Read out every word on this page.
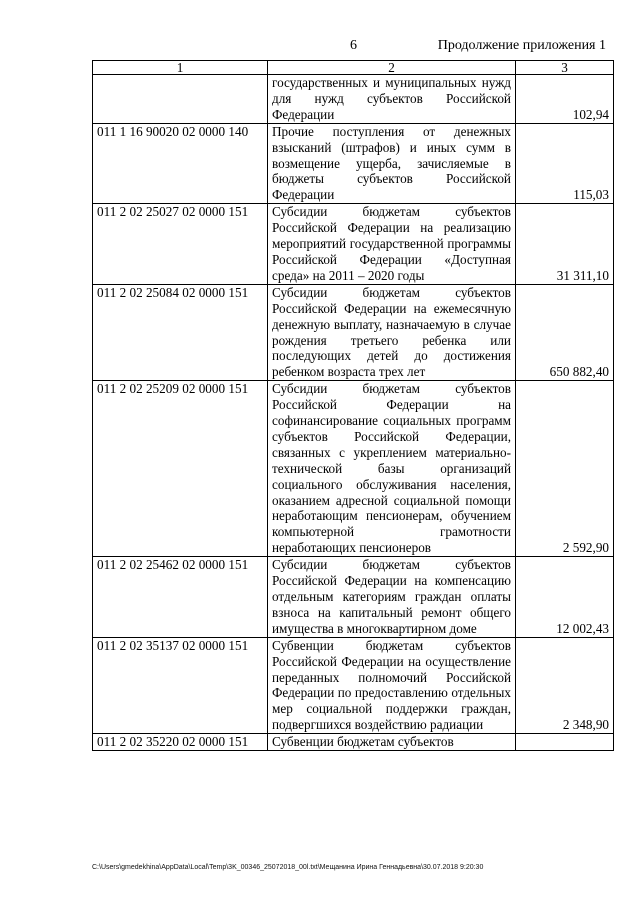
6	Продолжение приложения 1
1	2	3
	государственных и муниципальных нужд для нужд субъектов Российской Федерации	102,94
011 1 16 90020 02 0000 140	Прочие поступления от денежных взысканий (штрафов) и иных сумм в возмещение ущерба, зачисляемые в бюджеты субъектов Российской Федерации	115,03
011 2 02 25027 02 0000 151	Субсидии бюджетам субъектов Российской Федерации на реализацию мероприятий государственной программы Российской Федерации «Доступная среда» на 2011 – 2020 годы	31 311,10
011 2 02 25084 02 0000 151	Субсидии бюджетам субъектов Российской Федерации на ежемесячную денежную выплату, назначаемую в случае рождения третьего ребенка или последующих детей до достижения ребенком возраста трех лет	650 882,40
011 2 02 25209 02 0000 151	Субсидии бюджетам субъектов Российской Федерации на софинансирование социальных программ субъектов Российской Федерации, связанных с укреплением материально-технической базы организаций социального обслуживания населения, оказанием адресной социальной помощи неработающим пенсионерам, обучением компьютерной грамотности неработающих пенсионеров	2 592,90
011 2 02 25462 02 0000 151	Субсидии бюджетам субъектов Российской Федерации на компенсацию отдельным категориям граждан оплаты взноса на капитальный ремонт общего имущества в многоквартирном доме	12 002,43
011 2 02 35137 02 0000 151	Субвенции бюджетам субъектов Российской Федерации на осуществление переданных полномочий Российской Федерации по предоставлению отдельных мер социальной поддержки граждан, подвергшихся воздействию радиации	2 348,90
011 2 02 35220 02 0000 151	Субвенции бюджетам субъектов	
C:\Users\gmedekhina\AppData\Local\Temp\3K_00346_25072018_00l.txt\Мещанина Ирина Геннадьевна\30.07.2018 9:20:30
